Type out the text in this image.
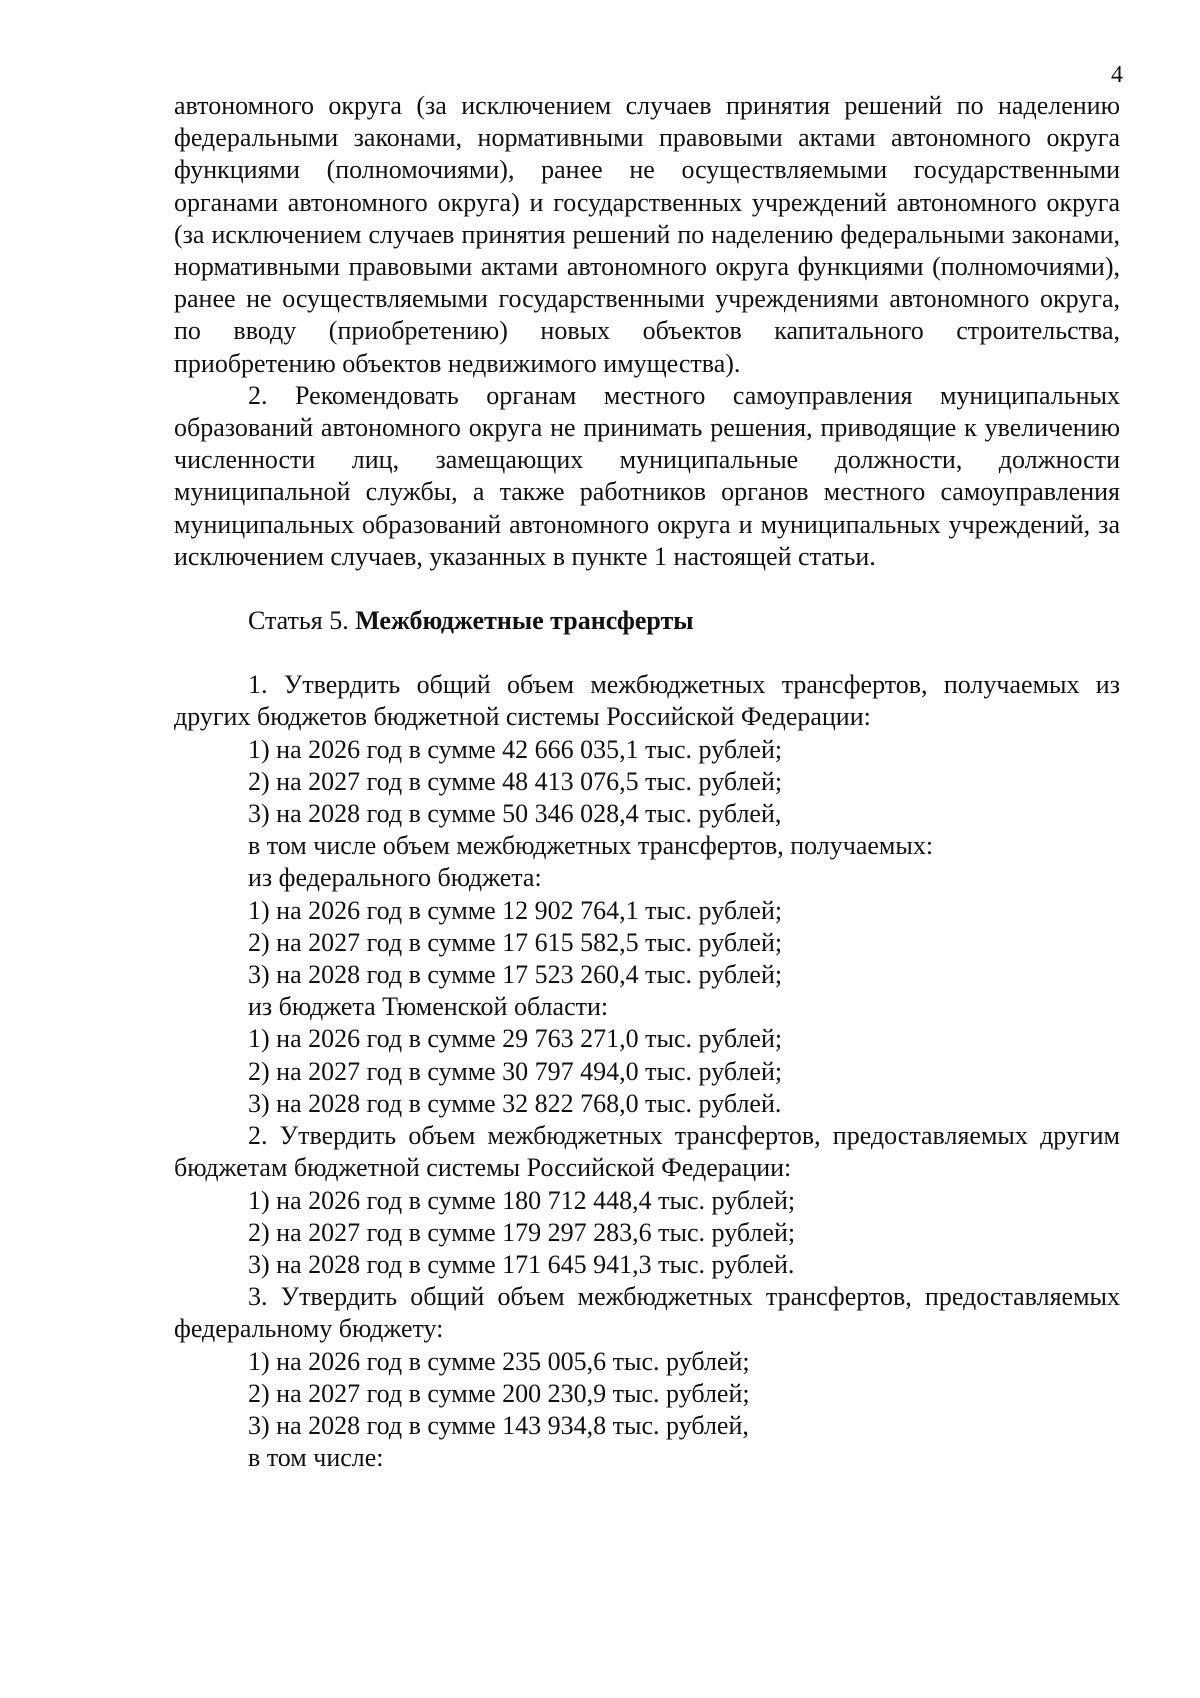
4

автономного округа (за исключением случаев принятия решений по наделению федеральными законами, нормативными правовыми актами автономного округа функциями (полномочиями), ранее не осуществляемыми государственными органами автономного округа) и государственных учреждений автономного округа (за исключением случаев принятия решений по наделению федеральными законами, нормативными правовыми актами автономного округа функциями (полномочиями), ранее не осуществляемыми государственными учреждениями автономного округа, по вводу (приобретению) новых объектов капитального строительства, приобретению объектов недвижимого имущества).

2. Рекомендовать органам местного самоуправления муниципальных образований автономного округа не принимать решения, приводящие к увеличению численности лиц, замещающих муниципальные должности, должности муниципальной службы, а также работников органов местного самоуправления муниципальных образований автономного округа и муниципальных учреждений, за исключением случаев, указанных в пункте 1 настоящей статьи.

Статья 5. Межбюджетные трансферты

1. Утвердить общий объем межбюджетных трансфертов, получаемых из других бюджетов бюджетной системы Российской Федерации:

1) на 2026 год в сумме 42 666 035,1 тыс. рублей;

2) на 2027 год в сумме 48 413 076,5 тыс. рублей;

3) на 2028 год в сумме 50 346 028,4 тыс. рублей,

в том числе объем межбюджетных трансфертов, получаемых:

из федерального бюджета:

1) на 2026 год в сумме 12 902 764,1 тыс. рублей;

2) на 2027 год в сумме 17 615 582,5 тыс. рублей;

3) на 2028 год в сумме 17 523 260,4 тыс. рублей;

из бюджета Тюменской области:

1) на 2026 год в сумме 29 763 271,0 тыс. рублей;

2) на 2027 год в сумме 30 797 494,0 тыс. рублей;

3) на 2028 год в сумме 32 822 768,0 тыс. рублей.

2. Утвердить объем межбюджетных трансфертов, предоставляемых другим бюджетам бюджетной системы Российской Федерации:

1) на 2026 год в сумме 180 712 448,4 тыс. рублей;

2) на 2027 год в сумме 179 297 283,6 тыс. рублей;

3) на 2028 год в сумме 171 645 941,3 тыс. рублей.

3. Утвердить общий объем межбюджетных трансфертов, предоставляемых федеральному бюджету:

1) на 2026 год в сумме 235 005,6 тыс. рублей;

2) на 2027 год в сумме 200 230,9 тыс. рублей;

3) на 2028 год в сумме 143 934,8 тыс. рублей,

в том числе:
